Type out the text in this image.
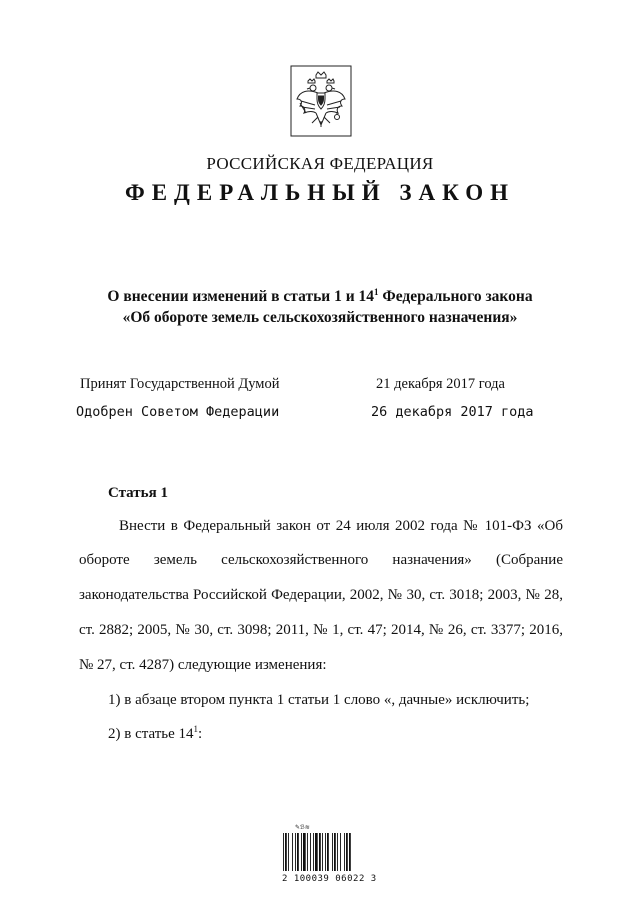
РОССИЙСКАЯ ФЕДЕРАЦИЯ
ФЕДЕРАЛЬНЫЙ ЗАКОН
О внесении изменений в статьи 1 и $14^1$ Федерального закона
«Об обороте земель сельскохозяйственного назначения»
Принят Государственной Думой	21 декабря 2017 года
Одобрен Советом Федерации	26 декабря 2017 года
Статья 1
Внести в Федеральный закон от 24 июля 2002 года № 101-ФЗ «Об
обороте земель сельскохозяйственного назначения» (Собрание
законодательства Российской Федерации, 2002, № 30, ст. 3018; 2003, № 28,
ст. 2882; 2005, № 30, ст. 3098; 2011, № 1, ст. 47; 2014, № 26, ст. 3377; 2016,
№ 27, ст. 4287) следующие изменения:
1) в абзаце втором пункта 1 статьи 1 слово «, дачные» исключить;
2) в статье $14^1$:
✎ℬ≋
2 100039 06022 3
